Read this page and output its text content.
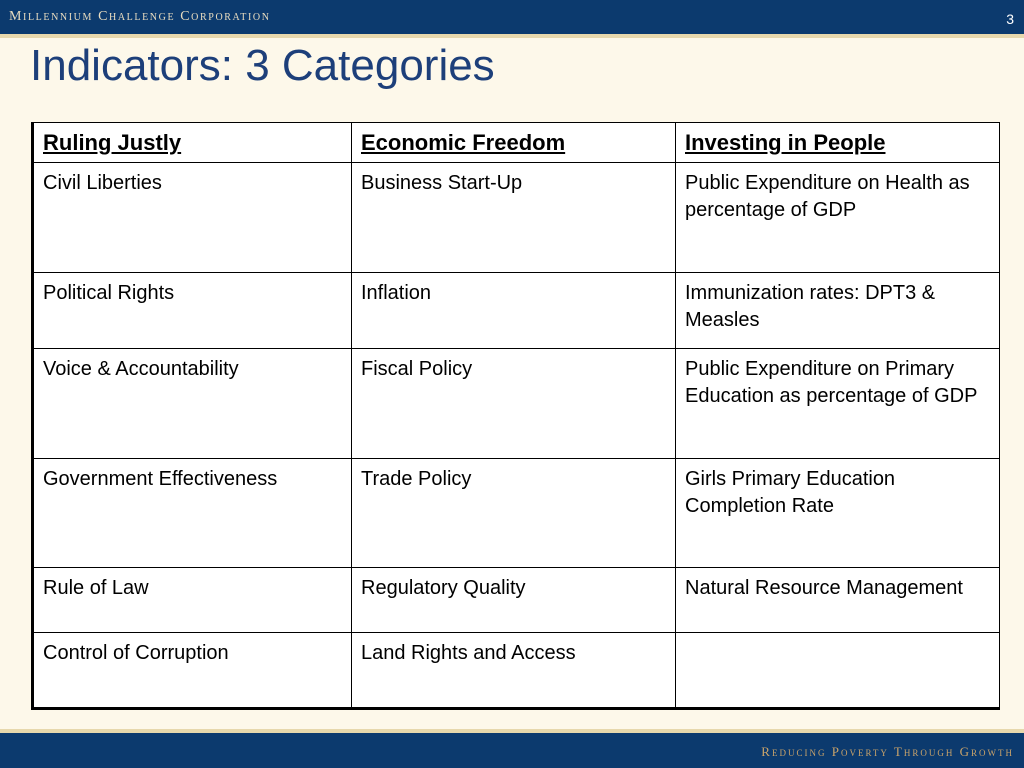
Millennium Challenge Corporation	3
Indicators: 3 Categories
Ruling Justly	Economic Freedom	Investing in People
Civil Liberties	Business Start-Up	Public Expenditure on Health as percentage of GDP
Political Rights	Inflation	Immunization rates: DPT3 & Measles
Voice & Accountability	Fiscal Policy	Public Expenditure on Primary Education as percentage of GDP
Government Effectiveness	Trade Policy	Girls Primary Education Completion Rate
Rule of Law	Regulatory Quality	Natural Resource Management
Control of Corruption	Land Rights and Access	
Reducing Poverty Through Growth
